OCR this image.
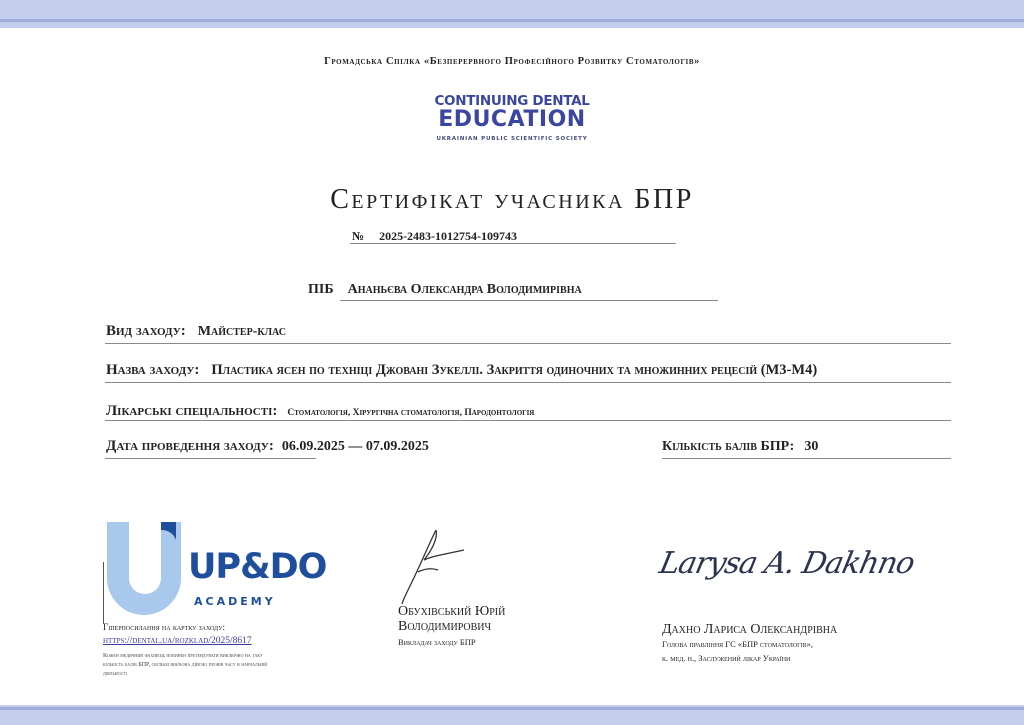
Громадська Спілка «Безперервного Професійного Розвитку Стоматологів»
CONTINUING DENTAL
EDUCATION
UKRAINIAN PUBLIC SCIENTIFIC SOCIETY
Сертифікат учасника БПР
№ 2025-2483-1012754-109743
ПІБ Ананьєва Олександра Володимирівна
Вид заходу: Майстер-клас
Назва заходу: Пластика ясен по техніці Джовані Зукеллі. Закриття одиночних та множинних рецесій (М3-М4)
Лікарські спеціальності: Стоматологія, Хірургічна стоматологія, Пародонтологія
Дата проведення заходу: 06.09.2025 — 07.09.2025	Кількість балів БПР: 30
UP&DO
ACADEMY
Гіперпосилання на картку заходу:
https://dental.ua/rozklad/2025/8617
Кожен медичний фахівець повинен претендувати виключно на таку кількість балів БПР, скільки він/вона дійсно провів часу в навчальній діяльності
Обухівський Юрій
Володимирович
Викладач заходу БПР
Larysa A. Dakhno
Дахно Лариса Олександрівна
Голова правління ГС «БПР стоматологів»,
к. мед. н., Заслужений лікар України
